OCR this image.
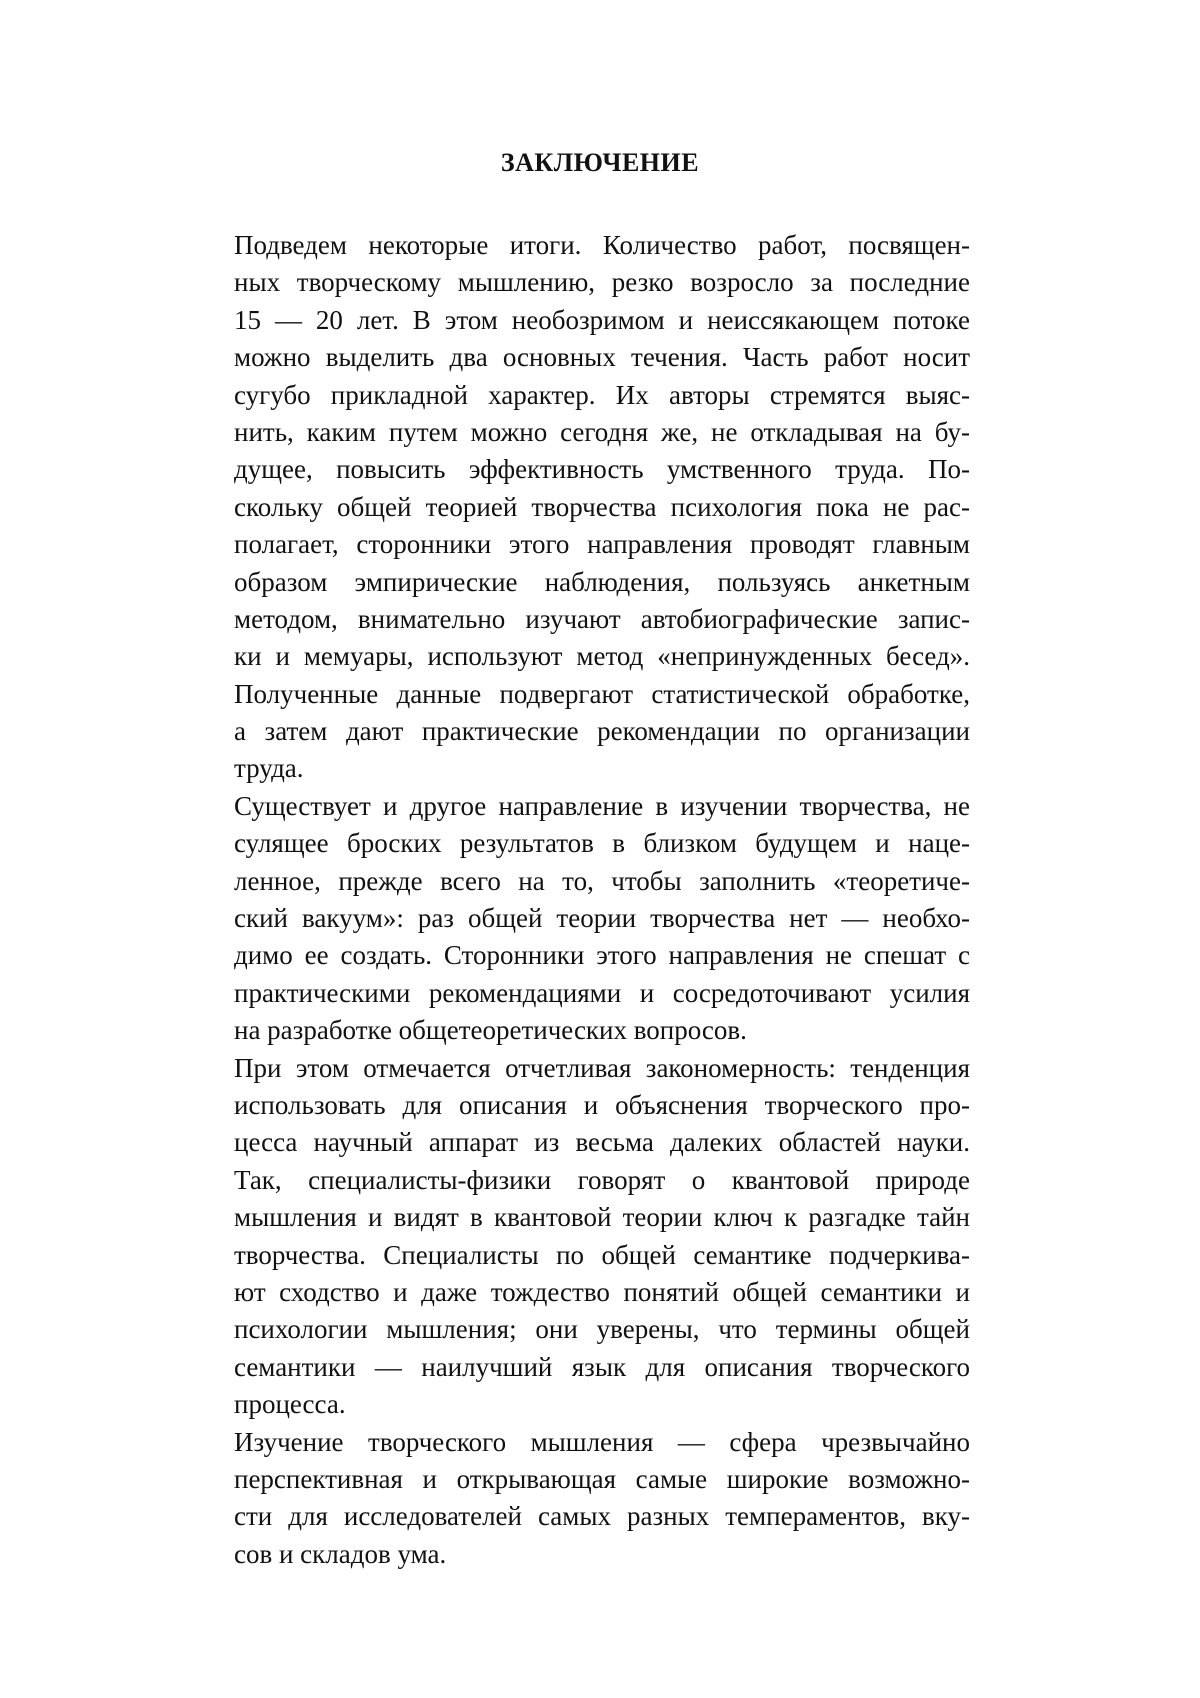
ЗАКЛЮЧЕНИЕ
Подведем некоторые итоги. Количество работ, посвящен-
ных творческому мышлению, резко возросло за последние
15 — 20 лет. В этом необозримом и неиссякающем потоке
можно выделить два основных течения. Часть работ носит
сугубо прикладной характер. Их авторы стремятся выяс-
нить, каким путем можно сегодня же, не откладывая на бу-
дущее, повысить эффективность умственного труда. По-
скольку общей теорией творчества психология пока не рас-
полагает, сторонники этого направления проводят главным
образом эмпирические наблюдения, пользуясь анкетным
методом, внимательно изучают автобиографические запис-
ки и мемуары, используют метод «непринужденных бесед».
Полученные данные подвергают статистической обработке,
а затем дают практические рекомендации по организации
труда.
Существует и другое направление в изучении творчества, не
сулящее броских результатов в близком будущем и наце-
ленное, прежде всего на то, чтобы заполнить «теоретиче-
ский вакуум»: раз общей теории творчества нет — необхо-
димо ее создать. Сторонники этого направления не спешат с
практическими рекомендациями и сосредоточивают усилия
на разработке общетеоретических вопросов.
При этом отмечается отчетливая закономерность: тенденция
использовать для описания и объяснения творческого про-
цесса научный аппарат из весьма далеких областей науки.
Так, специалисты-физики говорят о квантовой природе
мышления и видят в квантовой теории ключ к разгадке тайн
творчества. Специалисты по общей семантике подчеркива-
ют сходство и даже тождество понятий общей семантики и
психологии мышления; они уверены, что термины общей
семантики — наилучший язык для описания творческого
процесса.
Изучение творческого мышления — сфера чрезвычайно
перспективная и открывающая самые широкие возможно-
сти для исследователей самых разных темпераментов, вку-
сов и складов ума.
